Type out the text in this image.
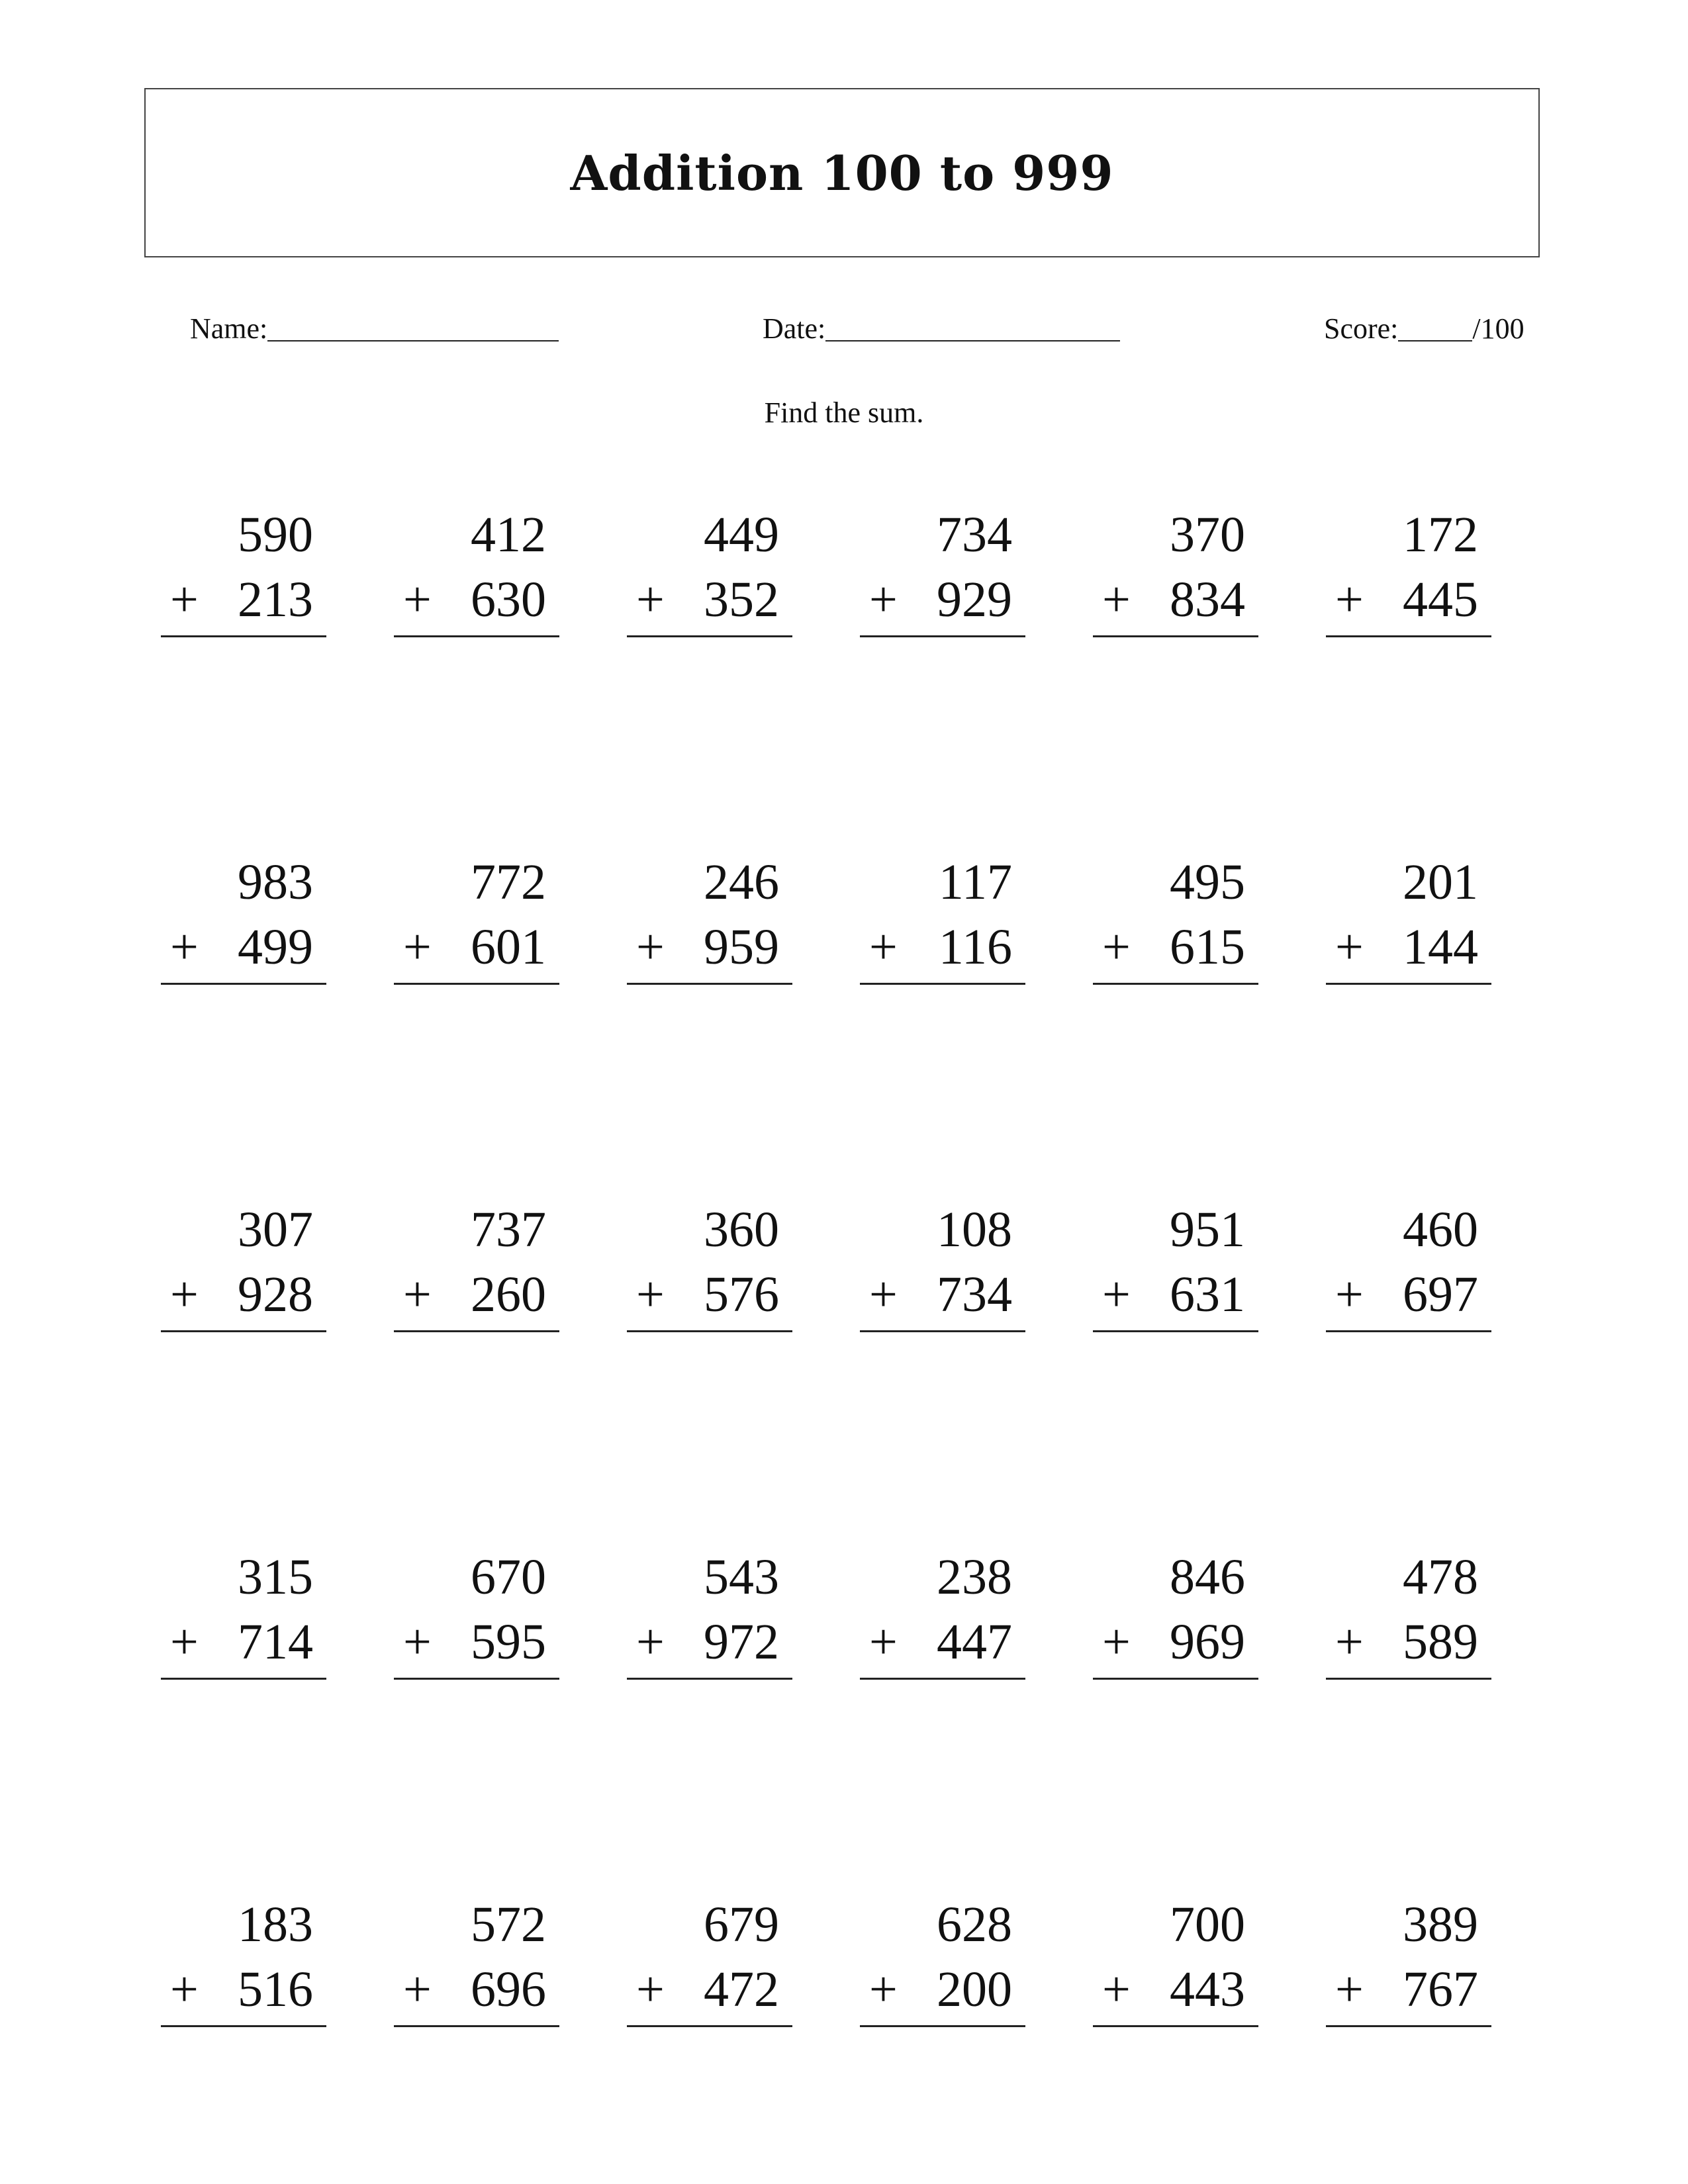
Addition 100 to 999
Name:	Date:	Score:	/100
Find the sum.
590
+ 213
412
+ 630
449
+ 352
734
+ 929
370
+ 834
172
+ 445
983
+ 499
772
+ 601
246
+ 959
117
+ 116
495
+ 615
201
+ 144
307
+ 928
737
+ 260
360
+ 576
108
+ 734
951
+ 631
460
+ 697
315
+ 714
670
+ 595
543
+ 972
238
+ 447
846
+ 969
478
+ 589
183
+ 516
572
+ 696
679
+ 472
628
+ 200
700
+ 443
389
+ 767
